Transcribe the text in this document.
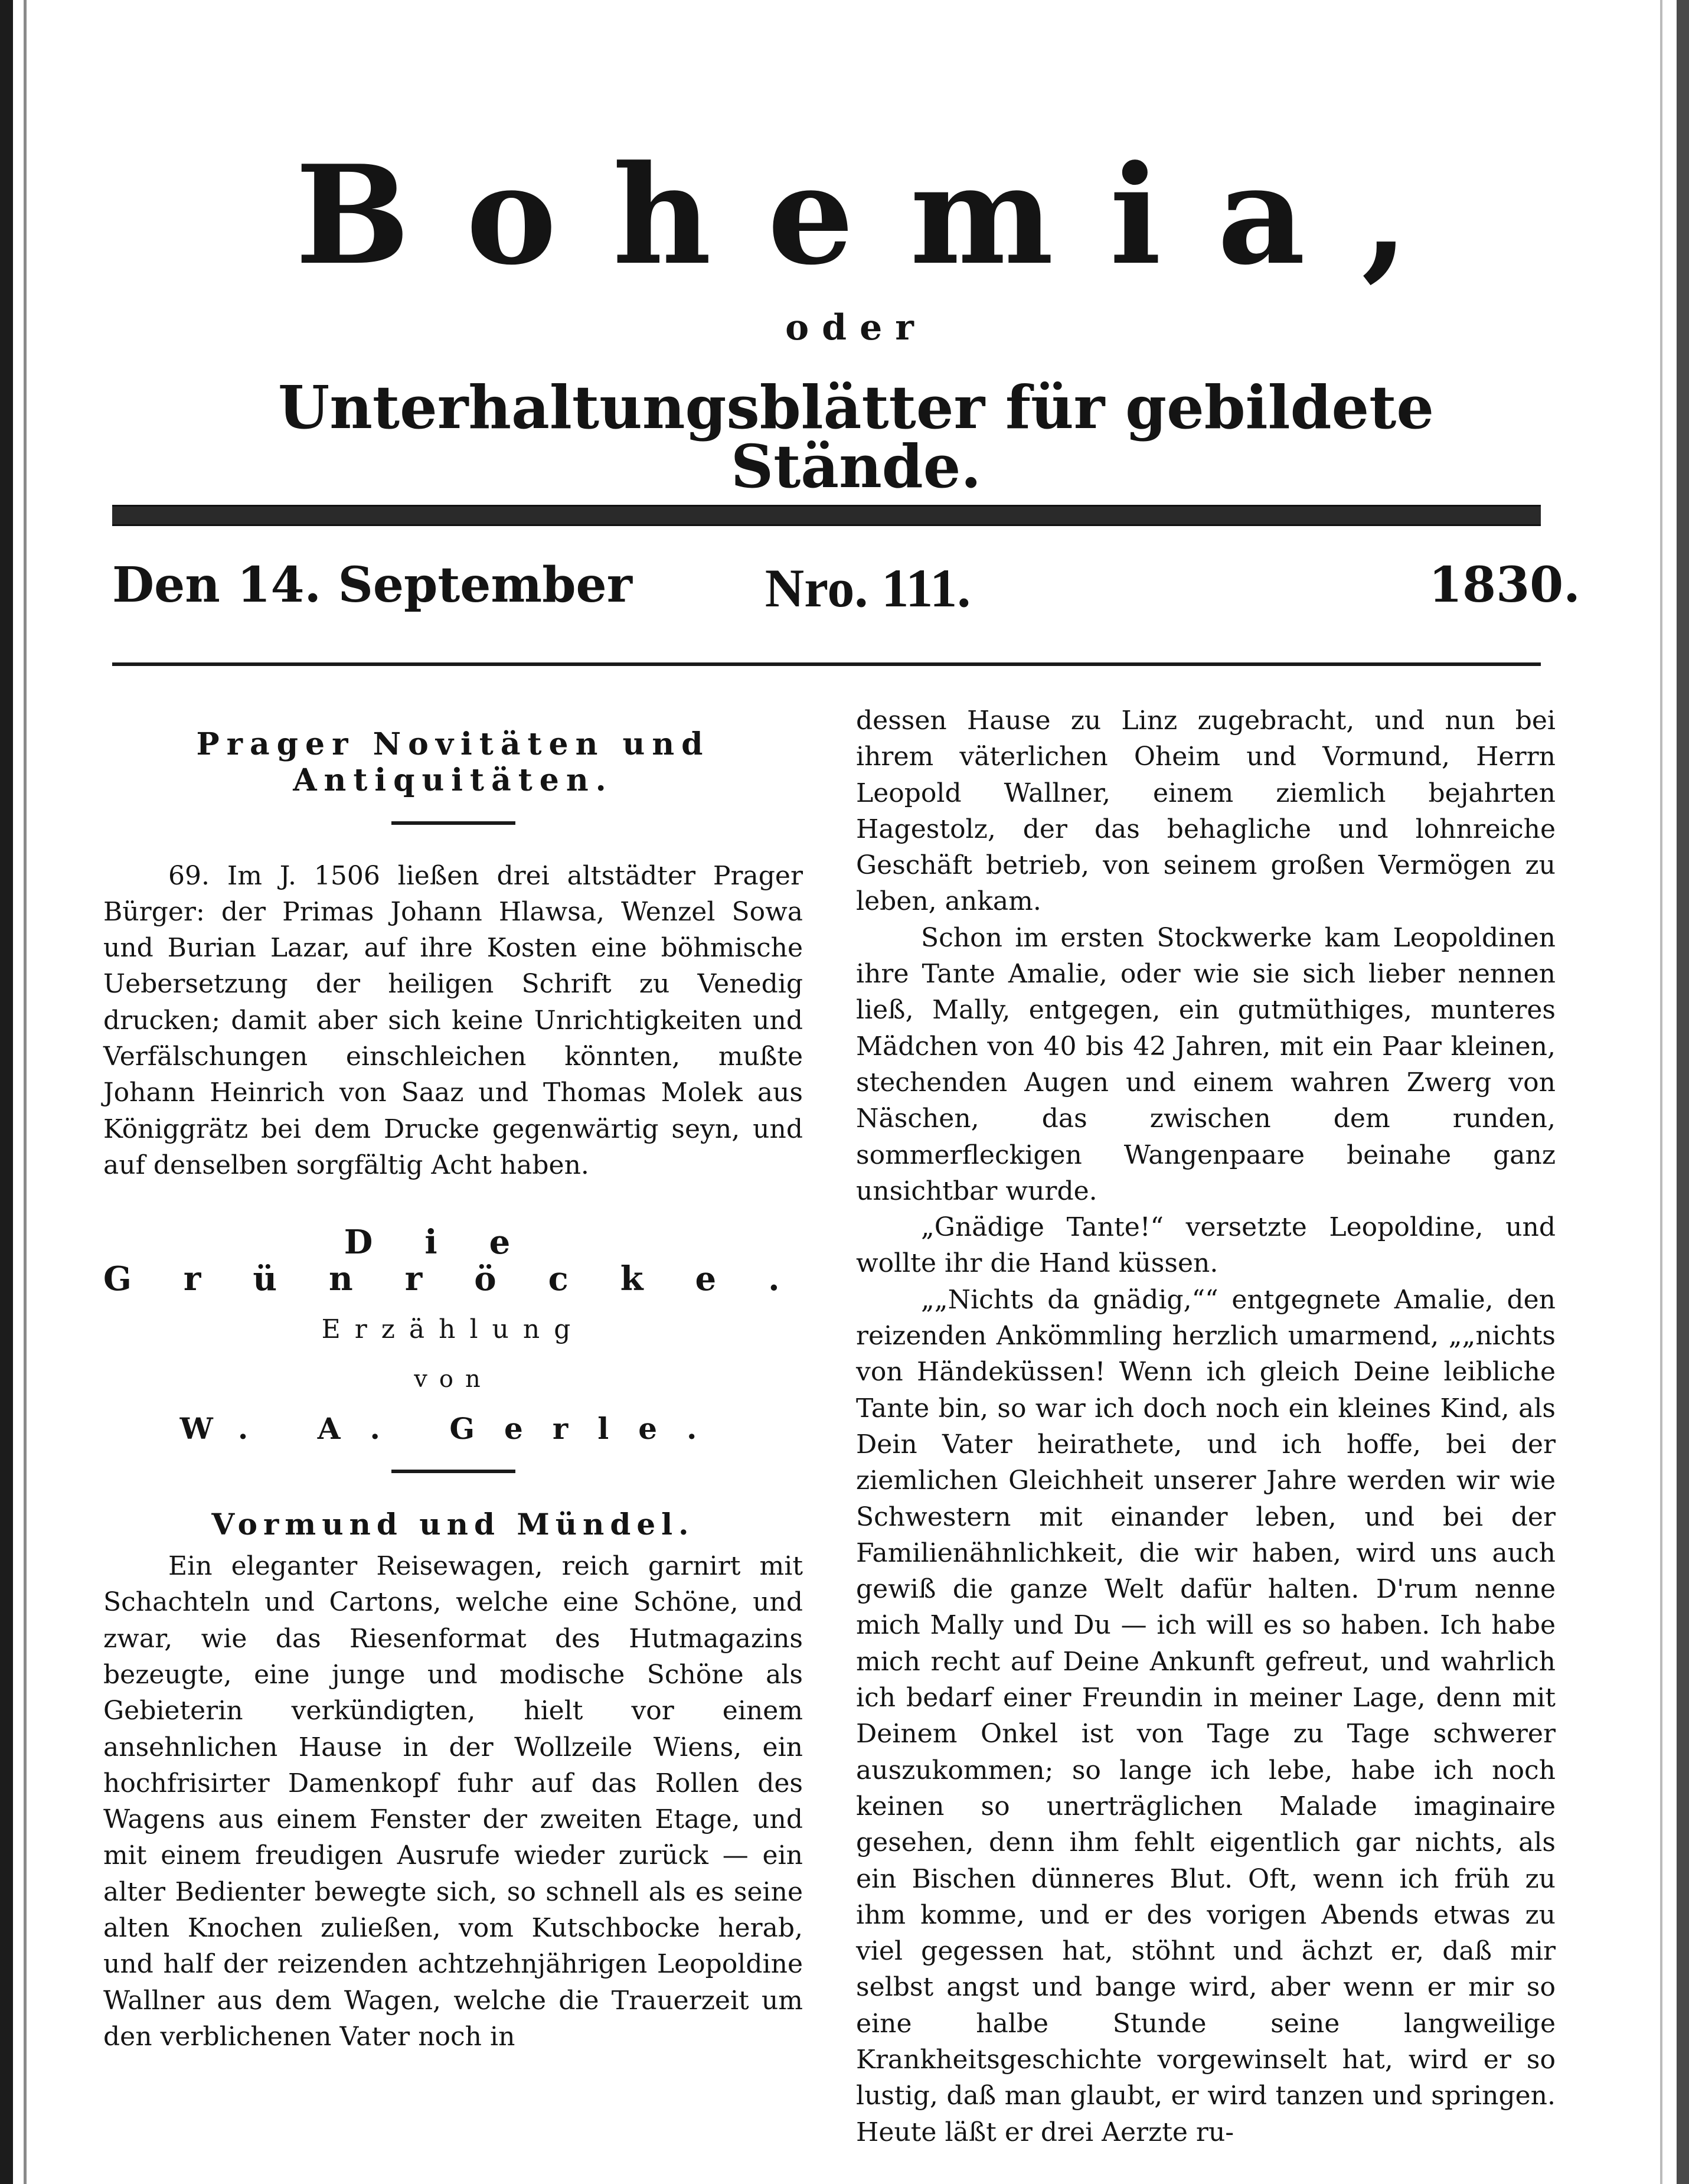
Bohemia,
oder
Unterhaltungsblätter für gebildete Stände.
Den 14. September	Nro. 111.	1830.

Prager Novitäten und Antiquitäten.

69. Im J. 1506 ließen drei altstädter Prager Bürger: der Primas Johann Hlawsa, Wenzel Sowa und Burian Lazar, auf ihre Kosten eine böhmische Uebersetzung der heiligen Schrift zu Venedig drucken; damit aber sich keine Unrichtigkeiten und Verfälschungen einschleichen könnten, mußte Johann Heinrich von Saaz und Thomas Molek aus Königgrätz bei dem Drucke gegenwärtig seyn, und auf denselben sorgfältig Acht haben.

Die Grünröcke.

Erzählung

von

W. A. Gerle.

Vormund und Mündel.

Ein eleganter Reisewagen, reich garnirt mit Schachteln und Cartons, welche eine Schöne, und zwar, wie das Riesenformat des Hutmagazins bezeugte, eine junge und modische Schöne als Gebieterin verkündigten, hielt vor einem ansehnlichen Hause in der Wollzeile Wiens, ein hochfrisirter Damenkopf fuhr auf das Rollen des Wagens aus einem Fenster der zweiten Etage, und mit einem freudigen Ausrufe wieder zurück — ein alter Bedienter bewegte sich, so schnell als es seine alten Knochen zuließen, vom Kutschbocke herab, und half der reizenden achtzehnjährigen Leopoldine Wallner aus dem Wagen, welche die Trauerzeit um den verblichenen Vater noch in

dessen Hause zu Linz zugebracht, und nun bei ihrem väterlichen Oheim und Vormund, Herrn Leopold Wallner, einem ziemlich bejahrten Hagestolz, der das behagliche und lohnreiche Geschäft betrieb, von seinem großen Vermögen zu leben, ankam.

Schon im ersten Stockwerke kam Leopoldinen ihre Tante Amalie, oder wie sie sich lieber nennen ließ, Mally, entgegen, ein gutmüthiges, munteres Mädchen von 40 bis 42 Jahren, mit ein Paar kleinen, stechenden Augen und einem wahren Zwerg von Näschen, das zwischen dem runden, sommerfleckigen Wangenpaare beinahe ganz unsichtbar wurde.

„Gnädige Tante!“ versetzte Leopoldine, und wollte ihr die Hand küssen.

„„Nichts da gnädig,““ entgegnete Amalie, den reizenden Ankömmling herzlich umarmend, „„nichts von Händeküssen! Wenn ich gleich Deine leibliche Tante bin, so war ich doch noch ein kleines Kind, als Dein Vater heirathete, und ich hoffe, bei der ziemlichen Gleichheit unserer Jahre werden wir wie Schwestern mit einander leben, und bei der Familienähnlichkeit, die wir haben, wird uns auch gewiß die ganze Welt dafür halten. D'rum nenne mich Mally und Du — ich will es so haben. Ich habe mich recht auf Deine Ankunft gefreut, und wahrlich ich bedarf einer Freundin in meiner Lage, denn mit Deinem Onkel ist von Tage zu Tage schwerer auszukommen; so lange ich lebe, habe ich noch keinen so unerträglichen Malade imaginaire gesehen, denn ihm fehlt eigentlich gar nichts, als ein Bischen dünneres Blut. Oft, wenn ich früh zu ihm komme, und er des vorigen Abends etwas zu viel gegessen hat, stöhnt und ächzt er, daß mir selbst angst und bange wird, aber wenn er mir so eine halbe Stunde seine langweilige Krankheitsgeschichte vorgewinselt hat, wird er so lustig, daß man glaubt, er wird tanzen und springen. Heute läßt er drei Aerzte ru-
